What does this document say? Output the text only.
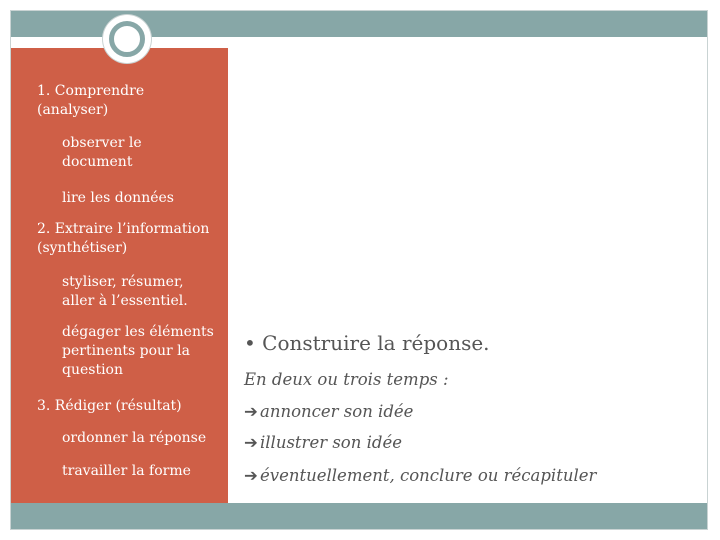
1. Comprendre (analyser)

observer le document

lire les données

2. Extraire l’information (synthétiser)

styliser, résumer, aller à l’essentiel.

dégager les éléments pertinents pour la question

3. Rédiger (résultat)

ordonner la réponse

travailler la forme

• Construire la réponse.
En deux ou trois temps :
➔ annoncer son idée
➔ illustrer son idée
➔ éventuellement, conclure ou récapituler
